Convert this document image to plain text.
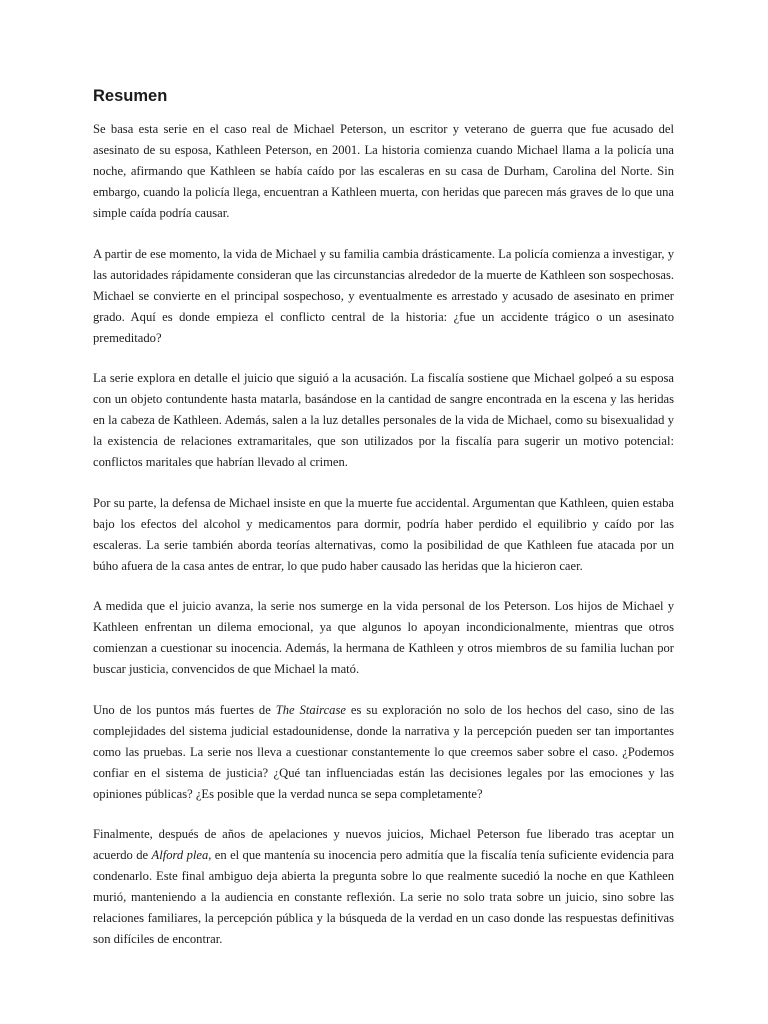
Resumen

Se basa esta serie en el caso real de Michael Peterson, un escritor y veterano de guerra que fue acusado del asesinato de su esposa, Kathleen Peterson, en 2001. La historia comienza cuando Michael llama a la policía una noche, afirmando que Kathleen se había caído por las escaleras en su casa de Durham, Carolina del Norte. Sin embargo, cuando la policía llega, encuentran a Kathleen muerta, con heridas que parecen más graves de lo que una simple caída podría causar.

A partir de ese momento, la vida de Michael y su familia cambia drásticamente. La policía comienza a investigar, y las autoridades rápidamente consideran que las circunstancias alrededor de la muerte de Kathleen son sospechosas. Michael se convierte en el principal sospechoso, y eventualmente es arrestado y acusado de asesinato en primer grado. Aquí es donde empieza el conflicto central de la historia: ¿fue un accidente trágico o un asesinato premeditado?

La serie explora en detalle el juicio que siguió a la acusación. La fiscalía sostiene que Michael golpeó a su esposa con un objeto contundente hasta matarla, basándose en la cantidad de sangre encontrada en la escena y las heridas en la cabeza de Kathleen. Además, salen a la luz detalles personales de la vida de Michael, como su bisexualidad y la existencia de relaciones extramaritales, que son utilizados por la fiscalía para sugerir un motivo potencial: conflictos maritales que habrían llevado al crimen.

Por su parte, la defensa de Michael insiste en que la muerte fue accidental. Argumentan que Kathleen, quien estaba bajo los efectos del alcohol y medicamentos para dormir, podría haber perdido el equilibrio y caído por las escaleras. La serie también aborda teorías alternativas, como la posibilidad de que Kathleen fue atacada por un búho afuera de la casa antes de entrar, lo que pudo haber causado las heridas que la hicieron caer.

A medida que el juicio avanza, la serie nos sumerge en la vida personal de los Peterson. Los hijos de Michael y Kathleen enfrentan un dilema emocional, ya que algunos lo apoyan incondicionalmente, mientras que otros comienzan a cuestionar su inocencia. Además, la hermana de Kathleen y otros miembros de su familia luchan por buscar justicia, convencidos de que Michael la mató.

Uno de los puntos más fuertes de The Staircase es su exploración no solo de los hechos del caso, sino de las complejidades del sistema judicial estadounidense, donde la narrativa y la percepción pueden ser tan importantes como las pruebas. La serie nos lleva a cuestionar constantemente lo que creemos saber sobre el caso. ¿Podemos confiar en el sistema de justicia? ¿Qué tan influenciadas están las decisiones legales por las emociones y las opiniones públicas? ¿Es posible que la verdad nunca se sepa completamente?

Finalmente, después de años de apelaciones y nuevos juicios, Michael Peterson fue liberado tras aceptar un acuerdo de Alford plea, en el que mantenía su inocencia pero admitía que la fiscalía tenía suficiente evidencia para condenarlo. Este final ambiguo deja abierta la pregunta sobre lo que realmente sucedió la noche en que Kathleen murió, manteniendo a la audiencia en constante reflexión. La serie no solo trata sobre un juicio, sino sobre las relaciones familiares, la percepción pública y la búsqueda de la verdad en un caso donde las respuestas definitivas son difíciles de encontrar.
